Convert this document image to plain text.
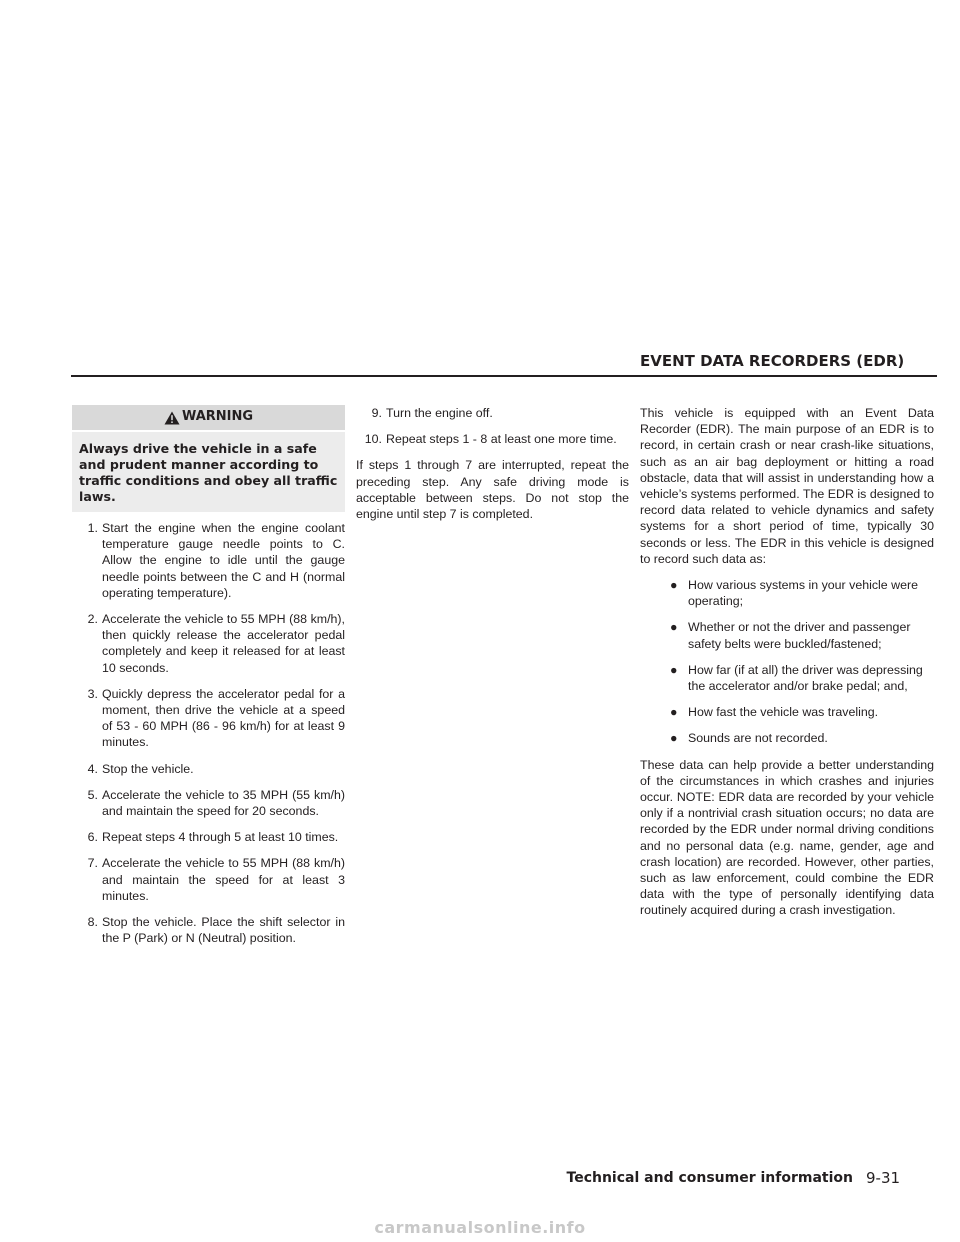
EVENT DATA RECORDERS (EDR)
WARNING
Always drive the vehicle in a safe and prudent manner according to traffic conditions and obey all traffic laws.
1. Start the engine when the engine coolant temperature gauge needle points to C. Allow the engine to idle until the gauge needle points between the C and H (normal operating temperature).
2. Accelerate the vehicle to 55 MPH (88 km/h), then quickly release the accelerator pedal completely and keep it released for at least 10 seconds.
3. Quickly depress the accelerator pedal for a moment, then drive the vehicle at a speed of 53 - 60 MPH (86 - 96 km/h) for at least 9 minutes.
4. Stop the vehicle.
5. Accelerate the vehicle to 35 MPH (55 km/h) and maintain the speed for 20 seconds.
6. Repeat steps 4 through 5 at least 10 times.
7. Accelerate the vehicle to 55 MPH (88 km/h) and maintain the speed for at least 3 minutes.
8. Stop the vehicle. Place the shift selector in the P (Park) or N (Neutral) position.
9. Turn the engine off.
10. Repeat steps 1 - 8 at least one more time.

If steps 1 through 7 are interrupted, repeat the preceding step. Any safe driving mode is acceptable between steps. Do not stop the engine until step 7 is completed.

This vehicle is equipped with an Event Data Recorder (EDR). The main purpose of an EDR is to record, in certain crash or near crash-like situations, such as an air bag deployment or hitting a road obstacle, data that will assist in understanding how a vehicle’s systems performed. The EDR is designed to record data related to vehicle dynamics and safety systems for a short period of time, typically 30 seconds or less. The EDR in this vehicle is designed to record such data as:

● How various systems in your vehicle were operating;
● Whether or not the driver and passenger safety belts were buckled/fastened;
● How far (if at all) the driver was depressing the accelerator and/or brake pedal; and,
● How fast the vehicle was traveling.
● Sounds are not recorded.

These data can help provide a better understanding of the circumstances in which crashes and injuries occur. NOTE: EDR data are recorded by your vehicle only if a nontrivial crash situation occurs; no data are recorded by the EDR under normal driving conditions and no personal data (e.g. name, gender, age and crash location) are recorded. However, other parties, such as law enforcement, could combine the EDR data with the type of personally identifying data routinely acquired during a crash investigation.

Technical and consumer information 9-31
carmanualsonline.info
